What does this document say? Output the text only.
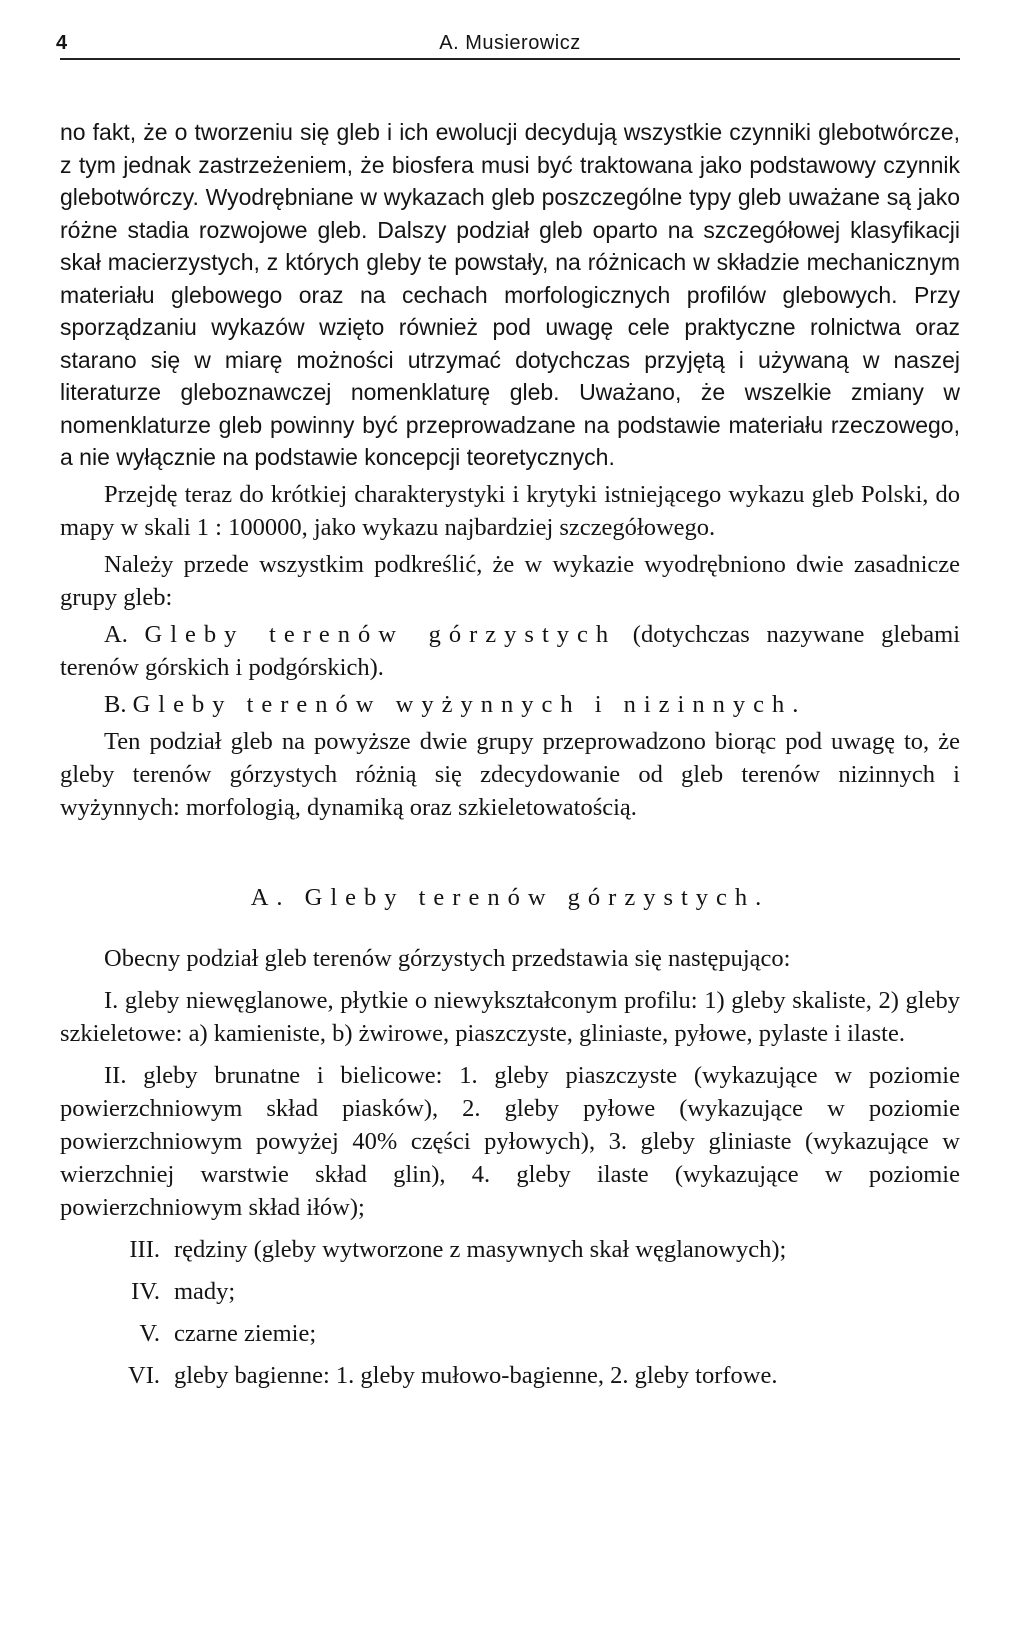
4	A. Musierowicz

no fakt, że o tworzeniu się gleb i ich ewolucji decydują wszystkie czynniki glebotwórcze, z tym jednak zastrzeżeniem, że biosfera musi być traktowana jako podstawowy czynnik glebotwórczy. Wyodrębniane w wykazach gleb poszczególne typy gleb uważane są jako różne stadia rozwojowe gleb. Dalszy podział gleb oparto na szczegółowej klasyfikacji skał macierzystych, z których gleby te powstały, na różnicach w składzie mechanicznym materiału glebowego oraz na cechach morfologicznych profilów glebowych. Przy sporządzaniu wykazów wzięto również pod uwagę cele praktyczne rolnictwa oraz starano się w miarę możności utrzymać dotychczas przyjętą i używaną w naszej literaturze gleboznawczej nomenklaturę gleb. Uważano, że wszelkie zmiany w nomenklaturze gleb powinny być przeprowadzane na podstawie materiału rzeczowego, a nie wyłącznie na podstawie koncepcji teoretycznych.

Przejdę teraz do krótkiej charakterystyki i krytyki istniejącego wykazu gleb Polski, do mapy w skali 1 : 100000, jako wykazu najbardziej szczegółowego.

Należy przede wszystkim podkreślić, że w wykazie wyodrębniono dwie zasadnicze grupy gleb:

A. Gleby terenów górzystych (dotychczas nazywane glebami terenów górskich i podgórskich).

B. Gleby terenów wyżynnych i nizinnych.

Ten podział gleb na powyższe dwie grupy przeprowadzono biorąc pod uwagę to, że gleby terenów górzystych różnią się zdecydowanie od gleb terenów nizinnych i wyżynnych: morfologią, dynamiką oraz szkieletowatością.

A. Gleby terenów górzystych.

Obecny podział gleb terenów górzystych przedstawia się następująco:

I. gleby niewęglanowe, płytkie o niewykształconym profilu: 1) gleby skaliste, 2) gleby szkieletowe: a) kamieniste, b) żwirowe, piaszczyste, gliniaste, pyłowe, pylaste i ilaste.

II. gleby brunatne i bielicowe: 1. gleby piaszczyste (wykazujące w poziomie powierzchniowym skład piasków), 2. gleby pyłowe (wykazujące w poziomie powierzchniowym powyżej 40% części pyłowych), 3. gleby gliniaste (wykazujące w wierzchniej warstwie skład glin), 4. gleby ilaste (wykazujące w poziomie powierzchniowym skład iłów);

III. rędziny (gleby wytworzone z masywnych skał węglanowych);
IV. mady;
V. czarne ziemie;
VI. gleby bagienne: 1. gleby mułowo-bagienne, 2. gleby torfowe.
